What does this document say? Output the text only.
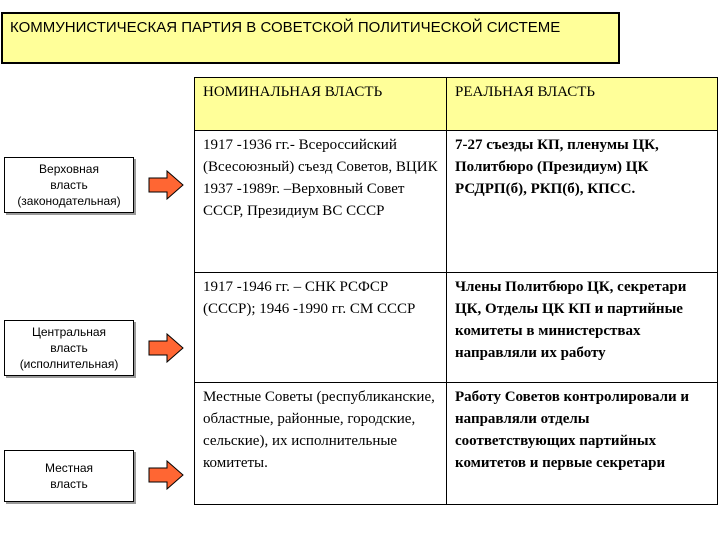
КОММУНИСТИЧЕСКАЯ ПАРТИЯ В СОВЕТСКОЙ ПОЛИТИЧЕСКОЙ СИСТЕМЕ
Верховная
власть
(законодательная)
Центральная
власть
(исполнительная)
Местная
власть
НОМИНАЛЬНАЯ ВЛАСТЬ	РЕАЛЬНАЯ ВЛАСТЬ
1917 -1936 гг.- Всероссийский (Всесоюзный) съезд Советов, ВЦИК 1937 -1989г. –Верховный Совет СССР, Президиум ВС СССР	7-27 съезды КП, пленумы ЦК, Политбюро (Президиум) ЦК РСДРП(б), РКП(б), КПСС.
1917 -1946 гг. – СНК РСФСР (СССР); 1946 -1990 гг. СМ СССР	Члены Политбюро ЦК, секретари ЦК, Отделы ЦК КП и партийные комитеты в министерствах направляли их работу
Местные Советы (республиканские, областные, районные, городские, сельские), их исполнительные комитеты.	Работу Советов контролировали и направляли отделы соответствующих партийных комитетов и первые секретари
